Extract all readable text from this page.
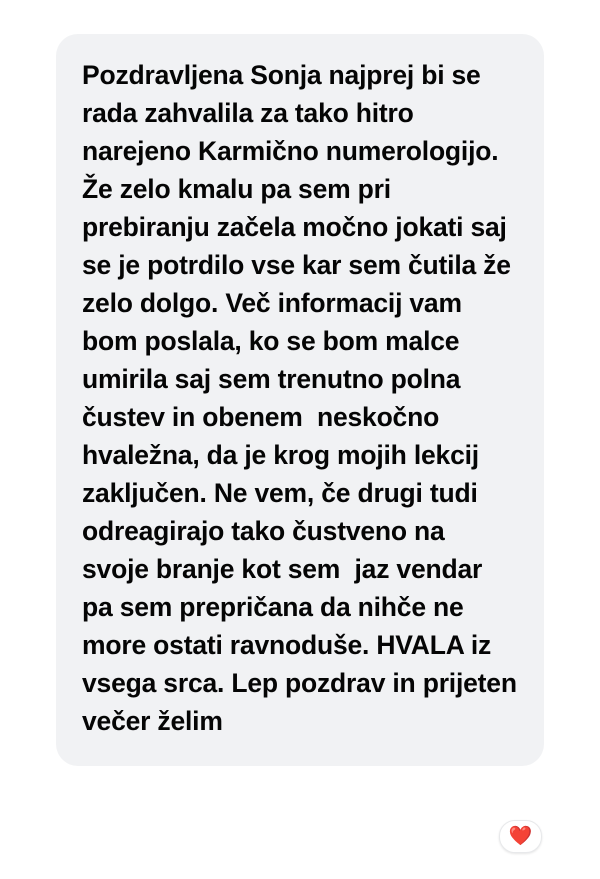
Pozdravljena Sonja najprej bi se rada zahvalila za tako hitro narejeno Karmično numerologijo. Že zelo kmalu pa sem pri prebiranju začela močno jokati saj se je potrdilo vse kar sem čutila že zelo dolgo. Več informacij vam bom poslala, ko se bom malce umirila saj sem trenutno polna čustev in obenem  neskočno hvaležna, da je krog mojih lekcij zaključen. Ne vem, če drugi tudi odreagirajo tako čustveno na svoje branje kot sem  jaz vendar pa sem prepričana da nihče ne more ostati ravnoduše. HVALA iz vsega srca. Lep pozdrav in prijeten večer želim
❤️
